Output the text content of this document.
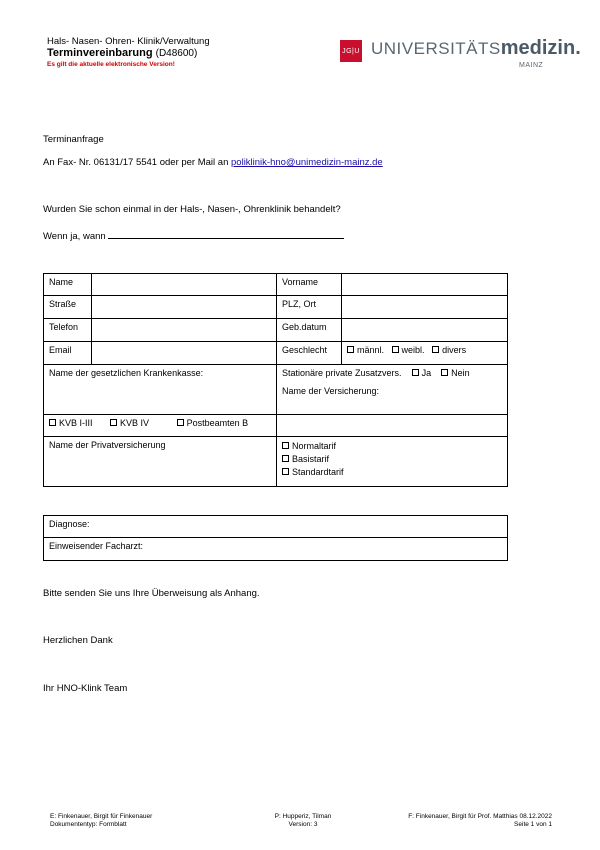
Hals- Nasen- Ohren- Klinik/Verwaltung
Terminvereinbarung (D48600)
Es gilt die aktuelle elektronische Version!
JG|U UNIVERSITÄTSmedizin.
MAINZ
Terminanfrage
An Fax- Nr. 06131/17 5541 oder per Mail an poliklinik-hno@unimedizin-mainz.de
Wurden Sie schon einmal in der Hals-, Nasen-, Ohrenklinik behandelt?
Wenn ja, wann
Name		Vorname	
Straße		PLZ, Ort	
Telefon		Geb.datum	
Email		Geschlecht	männl. weibl. divers
Name der gesetzlichen Krankenkasse:		Stationäre private Zusatzvers. Ja Nein
Name der Versicherung:	

KVB I-III KVB IV Postbeamten B			
Name der Privatversicherung		Normaltarif
Basistarif
Standardtarif	
Diagnose:
Einweisender Facharzt:
Bitte senden Sie uns Ihre Überweisung als Anhang.
Herzlichen Dank
Ihr HNO-Klink Team
E: Finkenauer, Birgit für Finkenauer
Dokumententyp: Formblatt
P: Hupperiz, Tilman
Version: 3
F: Finkenauer, Birgit für Prof. Matthias 08.12.2022
Seite 1 von 1
